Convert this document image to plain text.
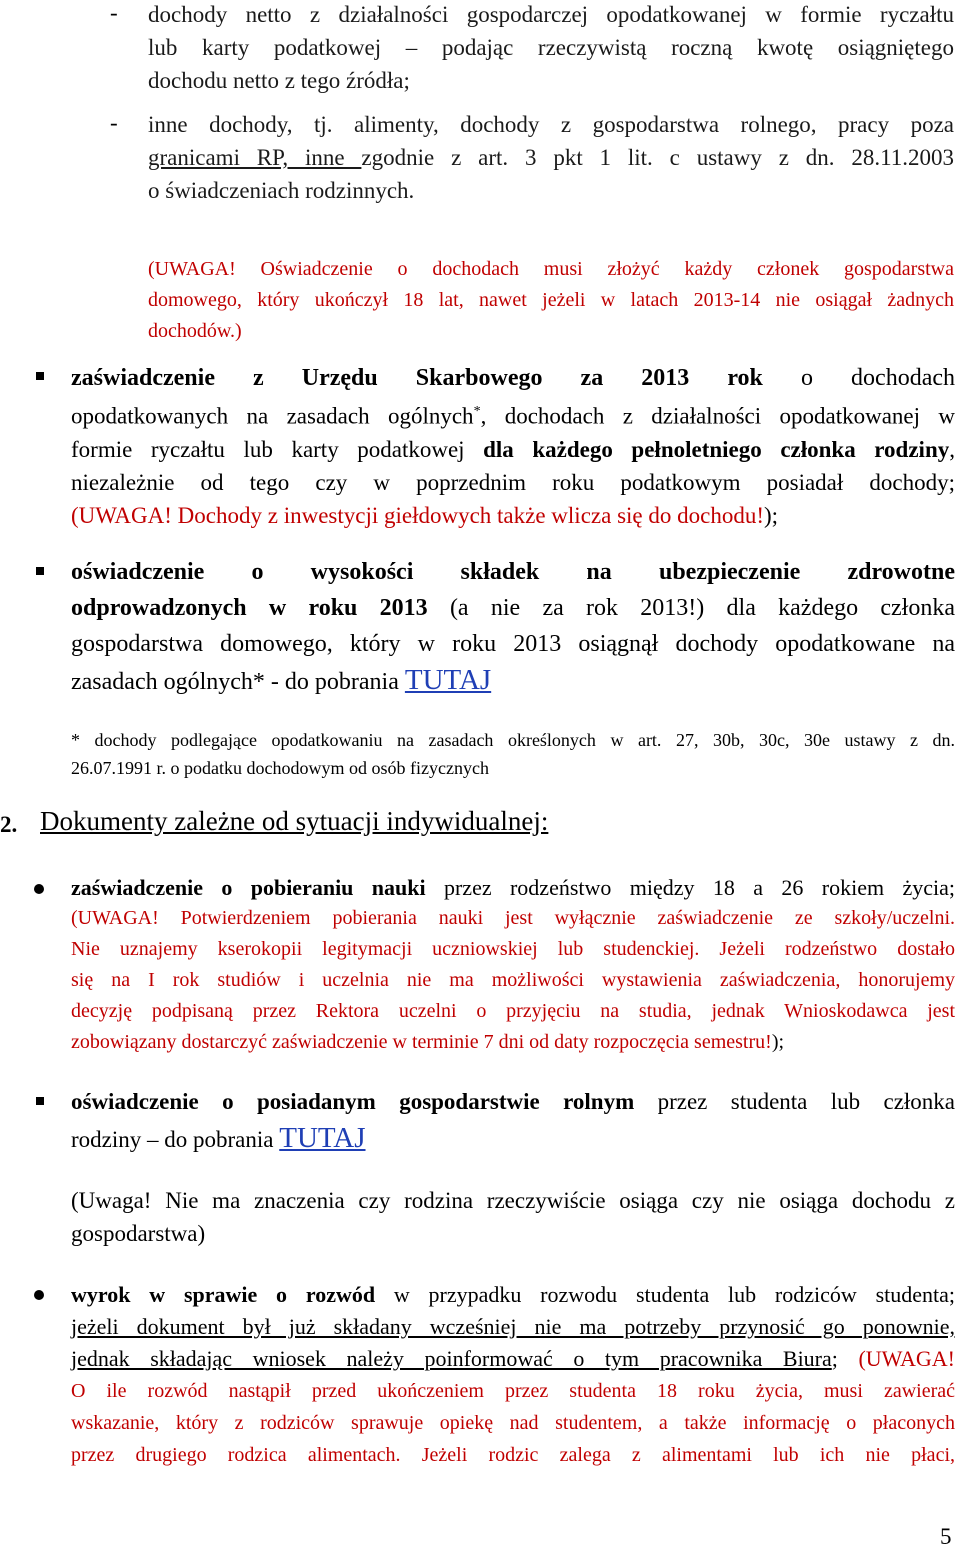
- dochody netto z działalności gospodarczej opodatkowanej w formie ryczałtu
lub karty podatkowej – podając rzeczywistą roczną kwotę osiągniętego
dochodu netto z tego źródła;
- inne dochody, tj. alimenty, dochody z gospodarstwa rolnego, pracy poza
granicami RP, inne zgodnie z art. 3 pkt 1 lit. c ustawy z dn. 28.11.2003
o świadczeniach rodzinnych.
(UWAGA! Oświadczenie o dochodach musi złożyć każdy członek gospodarstwa
domowego, który ukończył 18 lat, nawet jeżeli w latach 2013-14 nie osiągał żadnych
dochodów.)
zaświadczenie z Urzędu Skarbowego za 2013 rok o dochodach
opodatkowanych na zasadach ogólnych*, dochodach z działalności opodatkowanej w
formie ryczałtu lub karty podatkowej dla każdego pełnoletniego członka rodziny,
niezależnie od tego czy w poprzednim roku podatkowym posiadał dochody;
(UWAGA! Dochody z inwestycji giełdowych także wlicza się do dochodu!);
oświadczenie o wysokości składek na ubezpieczenie zdrowotne
odprowadzonych w roku 2013 (a nie za rok 2013!) dla każdego członka
gospodarstwa domowego, który w roku 2013 osiągnął dochody opodatkowane na
zasadach ogólnych* - do pobrania TUTAJ
* dochody podlegające opodatkowaniu na zasadach określonych w art. 27, 30b, 30c, 30e ustawy z dn.
26.07.1991 r. o podatku dochodowym od osób fizycznych
2. Dokumenty zależne od sytuacji indywidualnej:
zaświadczenie o pobieraniu nauki przez rodzeństwo między 18 a 26 rokiem życia;
(UWAGA! Potwierdzeniem pobierania nauki jest wyłącznie zaświadczenie ze szkoły/uczelni.
Nie uznajemy kserokopii legitymacji uczniowskiej lub studenckiej. Jeżeli rodzeństwo dostało
się na I rok studiów i uczelnia nie ma możliwości wystawienia zaświadczenia, honorujemy
decyzję podpisaną przez Rektora uczelni o przyjęciu na studia, jednak Wnioskodawca jest
zobowiązany dostarczyć zaświadczenie w terminie 7 dni od daty rozpoczęcia semestru!);
oświadczenie o posiadanym gospodarstwie rolnym przez studenta lub członka
rodziny – do pobrania TUTAJ
(Uwaga! Nie ma znaczenia czy rodzina rzeczywiście osiąga czy nie osiąga dochodu z
gospodarstwa)
wyrok w sprawie o rozwód w przypadku rozwodu studenta lub rodziców studenta;
jeżeli dokument był już składany wcześniej nie ma potrzeby przynosić go ponownie,
jednak składając wniosek należy poinformować o tym pracownika Biura; (UWAGA!
O ile rozwód nastąpił przed ukończeniem przez studenta 18 roku życia, musi zawierać
wskazanie, który z rodziców sprawuje opiekę nad studentem, a także informację o płaconych
przez drugiego rodzica alimentach. Jeżeli rodzic zalega z alimentami lub ich nie płaci,
5
